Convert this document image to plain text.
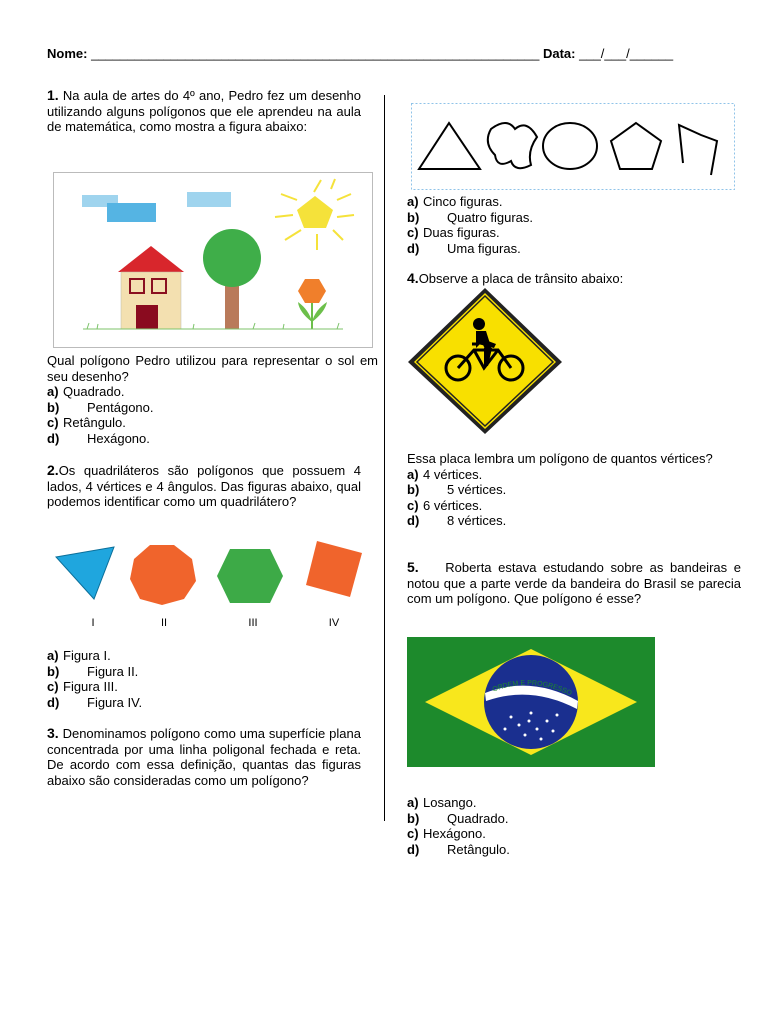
Nome: ______________________________________________________________ Data: ___/___/______

1. Na aula de artes do 4º ano, Pedro fez um desenho utilizando alguns polígonos que ele aprendeu na aula de matemática, como mostra a figura abaixo:

Qual polígono Pedro utilizou para representar o sol em seu desenho?

a) Quadrado.
b)	Pentágono.
c) Retângulo.
d)	Hexágono.

2.Os quadriláteros são polígonos que possuem 4 lados, 4 vértices e 4 ângulos. Das figuras abaixo, qual podemos identificar como um quadrilátero?

I	II	III	IV
a) Figura I.
b)	Figura II.
c) Figura III.
d)	Figura IV.

3. Denominamos polígono como uma superfície plana concentrada por uma linha poligonal fechada e reta. De acordo com essa definição, quantas das figuras abaixo são consideradas como um polígono?

a) Cinco figuras.
b)	Quatro figuras.
c) Duas figuras.
d)	Uma figuras.

4.Observe a placa de trânsito abaixo:

Essa placa lembra um polígono de quantos vértices?

a) 4 vértices.
b)	5 vértices.
c) 6 vértices.
d)	8 vértices.

5. Roberta estava estudando sobre as bandeiras e notou que a parte verde da bandeira do Brasil se parecia com um polígono. Que polígono é esse?

ORDEM E PROGRESSO
a) Losango.
b)	Quadrado.
c) Hexágono.
d)	Retângulo.
